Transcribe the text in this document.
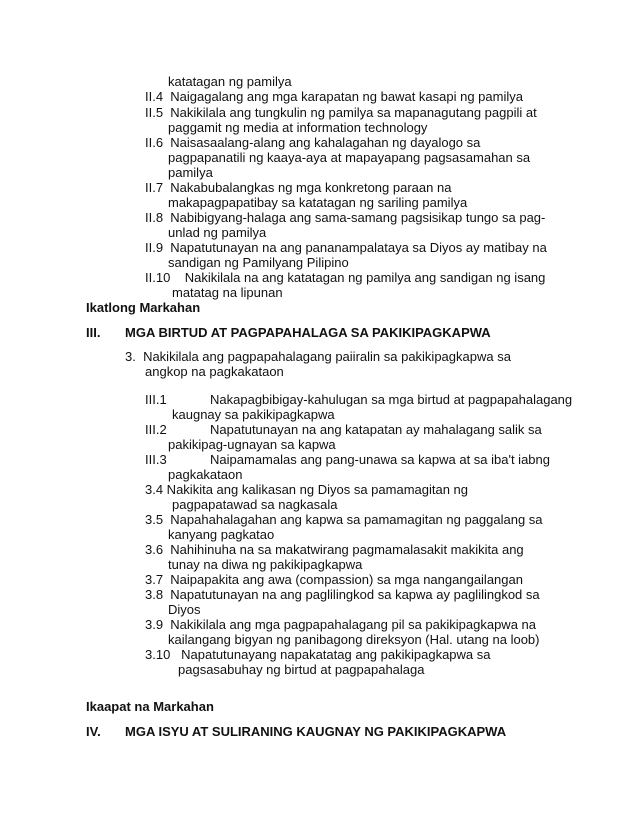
katatagan ng pamilya
II.4  Naigagalang ang mga karapatan ng bawat kasapi ng pamilya
II.5  Nakikilala ang tungkulin ng pamilya sa mapanagutang pagpili at
paggamit ng media at information technology
II.6  Naisasaalang-alang ang kahalagahan ng dayalogo sa
pagpapanatili ng kaaya-aya at mapayapang pagsasamahan sa
pamilya
II.7  Nakabubalangkas ng mga konkretong paraan na
makapagpapatibay sa katatagan ng sariling pamilya
II.8  Nabibigyang-halaga ang sama-samang pagsisikap tungo sa pag-
unlad ng pamilya
II.9  Napatutunayan na ang pananampalataya sa Diyos ay matibay na
sandigan ng Pamilyang Pilipino
II.10    Nakikilala na ang katatagan ng pamilya ang sandigan ng isang
matatag na lipunan
Ikatlong Markahan
III. MGA BIRTUD AT PAGPAPAHALAGA SA PAKIKIPAGKAPWA
3.  Nakikilala ang pagpapahalagang paiiralin sa pakikipagkapwa sa
angkop na pagkakataon
III.1            Nakapagbibigay-kahulugan sa mga birtud at pagpapahalagang
kaugnay sa pakikipagkapwa
III.2            Napatutunayan na ang katapatan ay mahalagang salik sa
pakikipag-ugnayan sa kapwa
III.3            Naipamamalas ang pang-unawa sa kapwa at sa iba't iabng
pagkakataon
3.4 Nakikita ang kalikasan ng Diyos sa pamamagitan ng
pagpapatawad sa nagkasala
3.5  Napahahalagahan ang kapwa sa pamamagitan ng paggalang sa
kanyang pagkatao
3.6  Nahihinuha na sa makatwirang pagmamalasakit makikita ang
tunay na diwa ng pakikipagkapwa
3.7  Naipapakita ang awa (compassion) sa mga nangangailangan
3.8  Napatutunayan na ang paglilingkod sa kapwa ay paglilingkod sa
Diyos
3.9  Nakikilala ang mga pagpapahalagang pil sa pakikipagkapwa na
kailangang bigyan ng panibagong direksyon (Hal. utang na loob)
3.10   Napatutunayang napakatatag ang pakikipagkapwa sa
pagsasabuhay ng birtud at pagpapahalaga
Ikaapat na Markahan
IV. MGA ISYU AT SULIRANING KAUGNAY NG PAKIKIPAGKAPWA
